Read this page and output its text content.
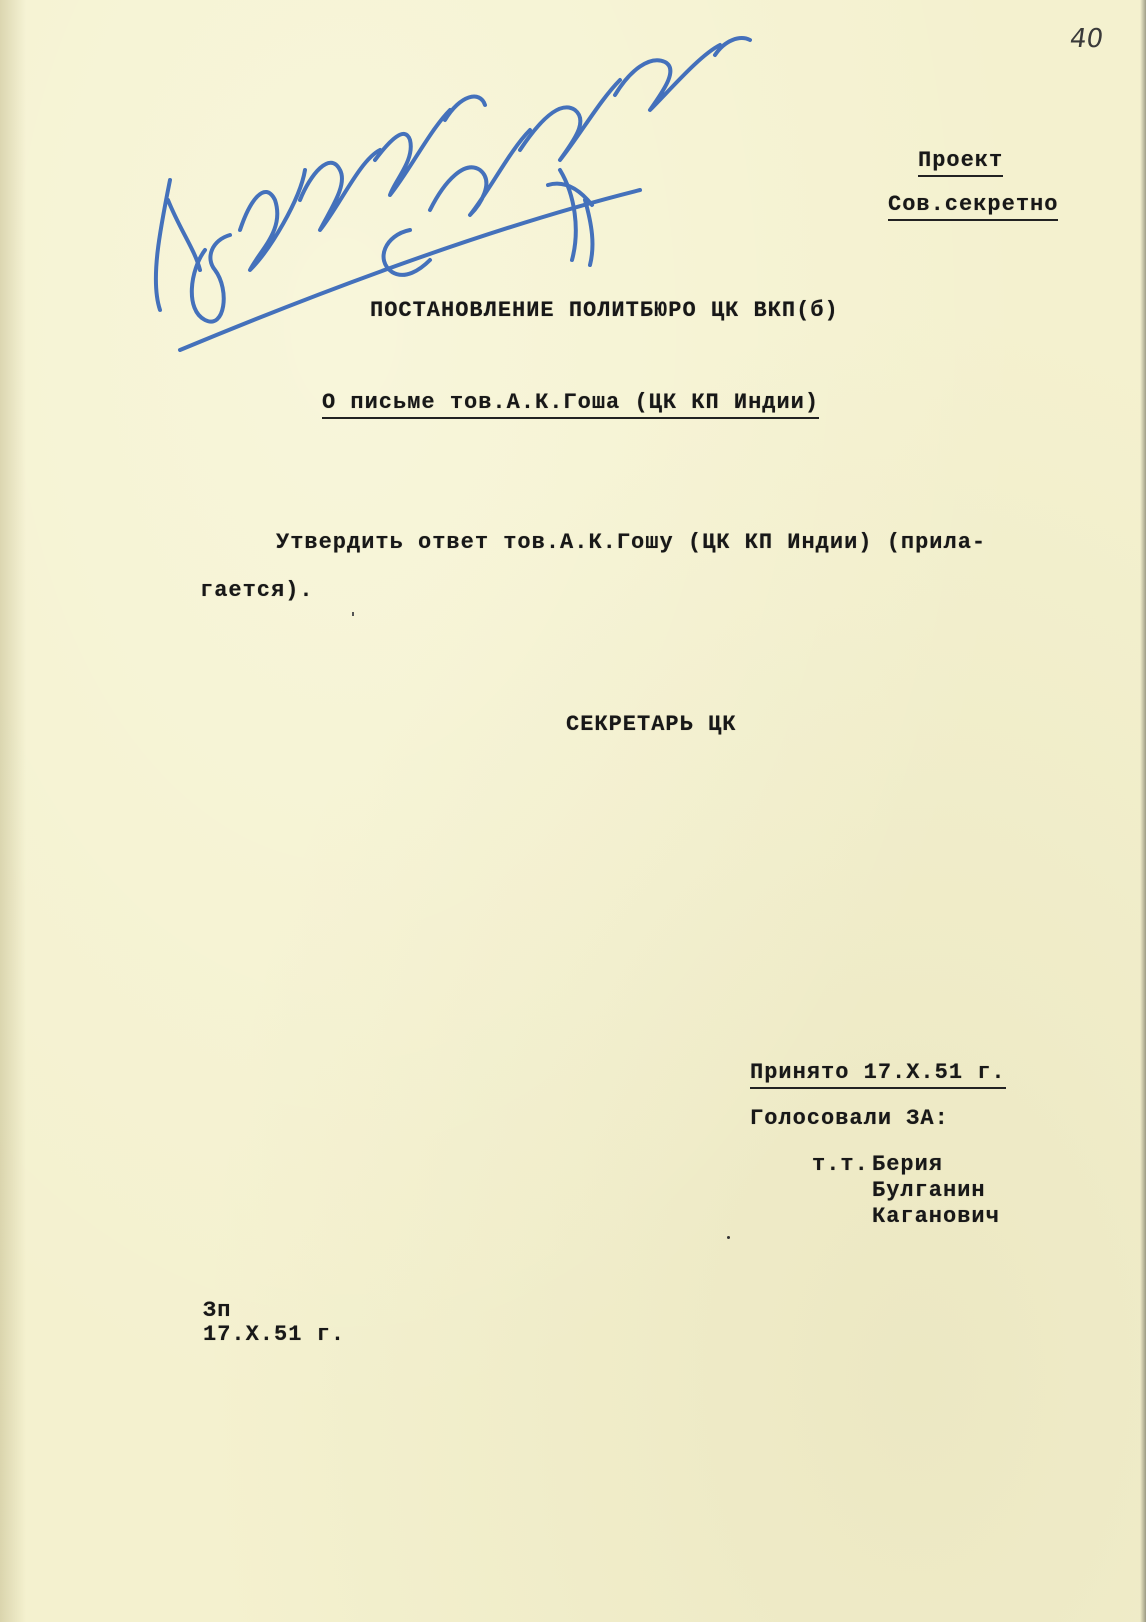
40
Проект
Сов.секретно
ПОСТАНОВЛЕНИЕ ПОЛИТБЮРО ЦК ВКП(б)
О письме тов.А.К.Гоша (ЦК КП Индии)
Утвердить ответ тов.А.К.Гошу (ЦК КП Индии) (прила-
гается).
СЕКРЕТАРЬ ЦК
Принято 17.X.51 г.
Голосовали ЗА:
т.т. Берия
Булганин
Каганович
Зп
17.X.51 г.
